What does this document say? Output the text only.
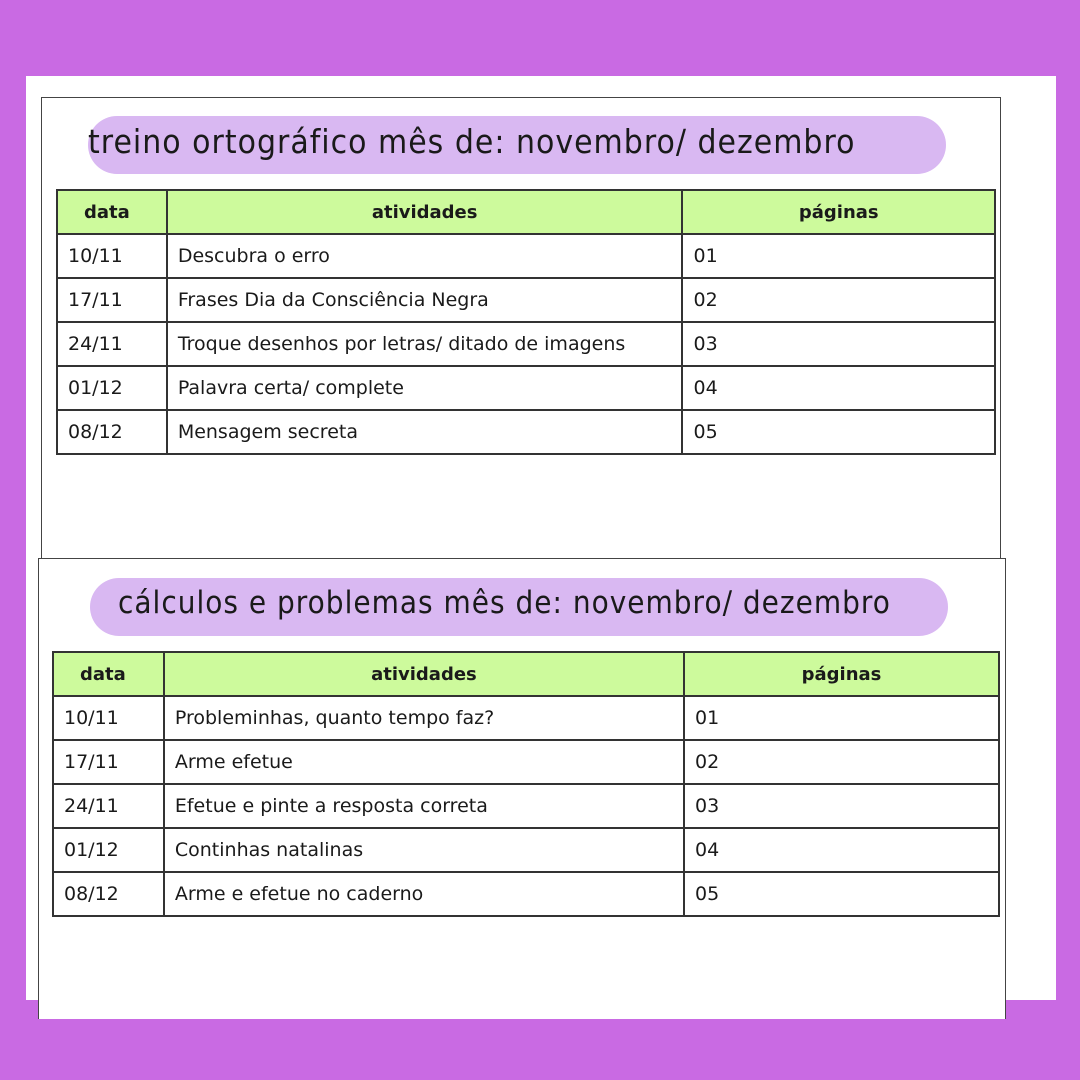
treino ortográfico mês de: novembro/ dezembro
data	atividades	páginas
10/11	Descubra o erro	01
17/11	Frases Dia da Consciência Negra	02
24/11	Troque desenhos por letras/ ditado de imagens	03
01/12	Palavra certa/ complete	04
08/12	Mensagem secreta	05
cálculos e problemas mês de: novembro/ dezembro
data	atividades	páginas
10/11	Probleminhas, quanto tempo faz?	01
17/11	Arme efetue	02
24/11	Efetue e pinte a resposta correta	03
01/12	Continhas natalinas	04
08/12	Arme e efetue no caderno	05
